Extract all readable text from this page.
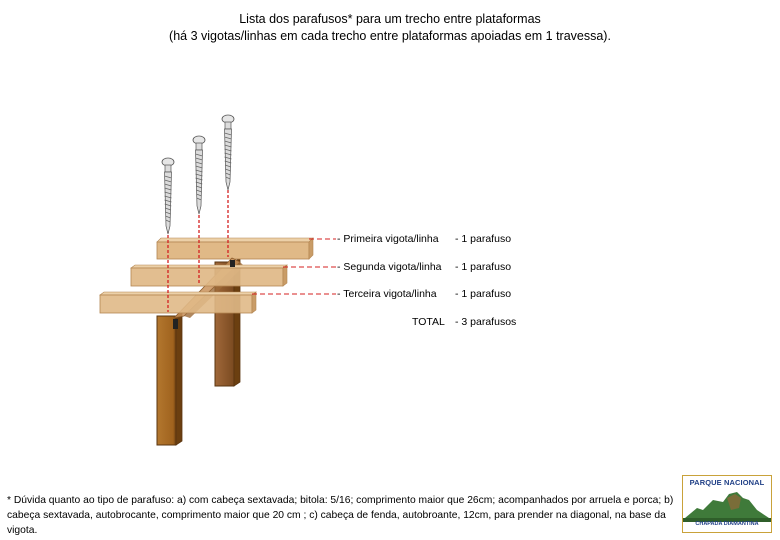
Lista dos parafusos* para um trecho entre plataformas
(há 3 vigotas/linhas em cada trecho entre plataformas apoiadas em 1 travessa).
- Primeira vigota/linha - 1 parafuso
- Segunda vigota/linha - 1 parafuso
- Terceira vigota/linha - 1 parafuso
TOTAL - 3 parafusos
* Dúvida quanto ao tipo de parafuso: a) com cabeça sextavada; bitola: 5/16; comprimento maior que 26cm; acompanhados por arruela e porca; b) cabeça sextavada, autobrocante, comprimento maior que 20 cm ; c) cabeça de fenda, autobroante, 12cm, para prender na diagonal, na base da vigota.
PARQUE NACIONAL
CHAPADA DIAMANTINA
